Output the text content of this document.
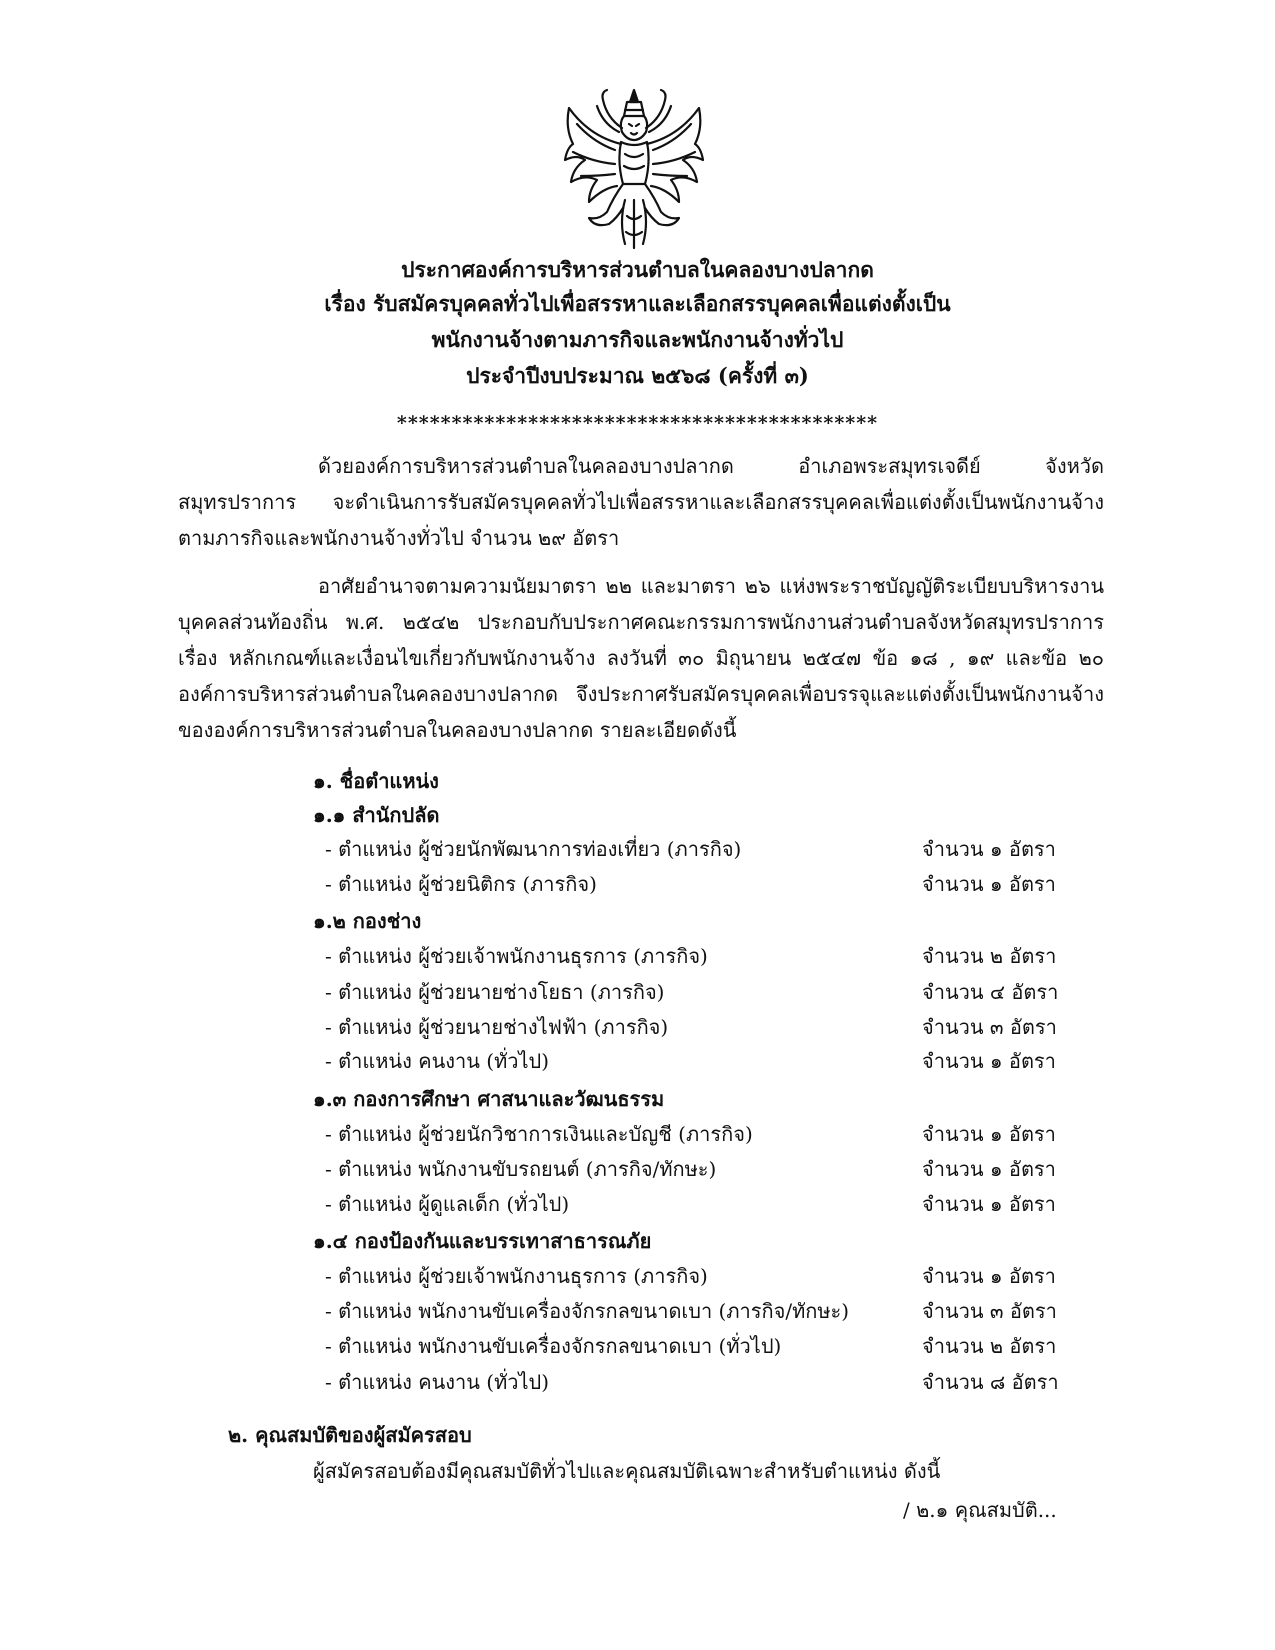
ประกาศองค์การบริหารส่วนตำบลในคลองบางปลากด
เรื่อง รับสมัครบุคคลทั่วไปเพื่อสรรหาและเลือกสรรบุคคลเพื่อแต่งตั้งเป็น
พนักงานจ้างตามภารกิจและพนักงานจ้างทั่วไป
ประจำปีงบประมาณ ๒๕๖๘ (ครั้งที่ ๓)
********************************************
ด้วยองค์การบริหารส่วนตำบลในคลองบางปลากด อำเภอพระสมุทรเจดีย์ จังหวัดสมุทรปราการ จะดำเนินการรับสมัครบุคคลทั่วไปเพื่อสรรหาและเลือกสรรบุคคลเพื่อแต่งตั้งเป็นพนักงานจ้างตามภารกิจและพนักงานจ้างทั่วไป จำนวน ๒๙ อัตรา
อาศัยอำนาจตามความนัยมาตรา ๒๒ และมาตรา ๒๖ แห่งพระราชบัญญัติระเบียบบริหารงานบุคคลส่วนท้องถิ่น พ.ศ. ๒๕๔๒ ประกอบกับประกาศคณะกรรมการพนักงานส่วนตำบลจังหวัดสมุทรปราการ เรื่อง หลักเกณฑ์และเงื่อนไขเกี่ยวกับพนักงานจ้าง ลงวันที่ ๓๐ มิถุนายน ๒๕๔๗ ข้อ ๑๘ , ๑๙ และข้อ ๒๐ องค์การบริหารส่วนตำบลในคลองบางปลากด จึงประกาศรับสมัครบุคคลเพื่อบรรจุและแต่งตั้งเป็นพนักงานจ้างขององค์การบริหารส่วนตำบลในคลองบางปลากด รายละเอียดดังนี้
๑. ชื่อตำแหน่ง
๑.๑ สำนักปลัด
- ตำแหน่ง ผู้ช่วยนักพัฒนาการท่องเที่ยว (ภารกิจ)	จำนวน ๑ อัตรา
- ตำแหน่ง ผู้ช่วยนิติกร (ภารกิจ)	จำนวน ๑ อัตรา
๑.๒ กองช่าง
- ตำแหน่ง ผู้ช่วยเจ้าพนักงานธุรการ (ภารกิจ)	จำนวน ๒ อัตรา
- ตำแหน่ง ผู้ช่วยนายช่างโยธา (ภารกิจ)	จำนวน ๔ อัตรา
- ตำแหน่ง ผู้ช่วยนายช่างไฟฟ้า (ภารกิจ)	จำนวน ๓ อัตรา
- ตำแหน่ง คนงาน (ทั่วไป)	จำนวน ๑ อัตรา
๑.๓ กองการศึกษา ศาสนาและวัฒนธรรม
- ตำแหน่ง ผู้ช่วยนักวิชาการเงินและบัญชี (ภารกิจ)	จำนวน ๑ อัตรา
- ตำแหน่ง พนักงานขับรถยนต์ (ภารกิจ/ทักษะ)	จำนวน ๑ อัตรา
- ตำแหน่ง ผู้ดูแลเด็ก (ทั่วไป)	จำนวน ๑ อัตรา
๑.๔ กองป้องกันและบรรเทาสาธารณภัย
- ตำแหน่ง ผู้ช่วยเจ้าพนักงานธุรการ (ภารกิจ)	จำนวน ๑ อัตรา
- ตำแหน่ง พนักงานขับเครื่องจักรกลขนาดเบา (ภารกิจ/ทักษะ)	จำนวน ๓ อัตรา
- ตำแหน่ง พนักงานขับเครื่องจักรกลขนาดเบา (ทั่วไป)	จำนวน ๒ อัตรา
- ตำแหน่ง คนงาน (ทั่วไป)	จำนวน ๘ อัตรา
๒. คุณสมบัติของผู้สมัครสอบ
ผู้สมัครสอบต้องมีคุณสมบัติทั่วไปและคุณสมบัติเฉพาะสำหรับตำแหน่ง ดังนี้
/ ๒.๑ คุณสมบัติ...
